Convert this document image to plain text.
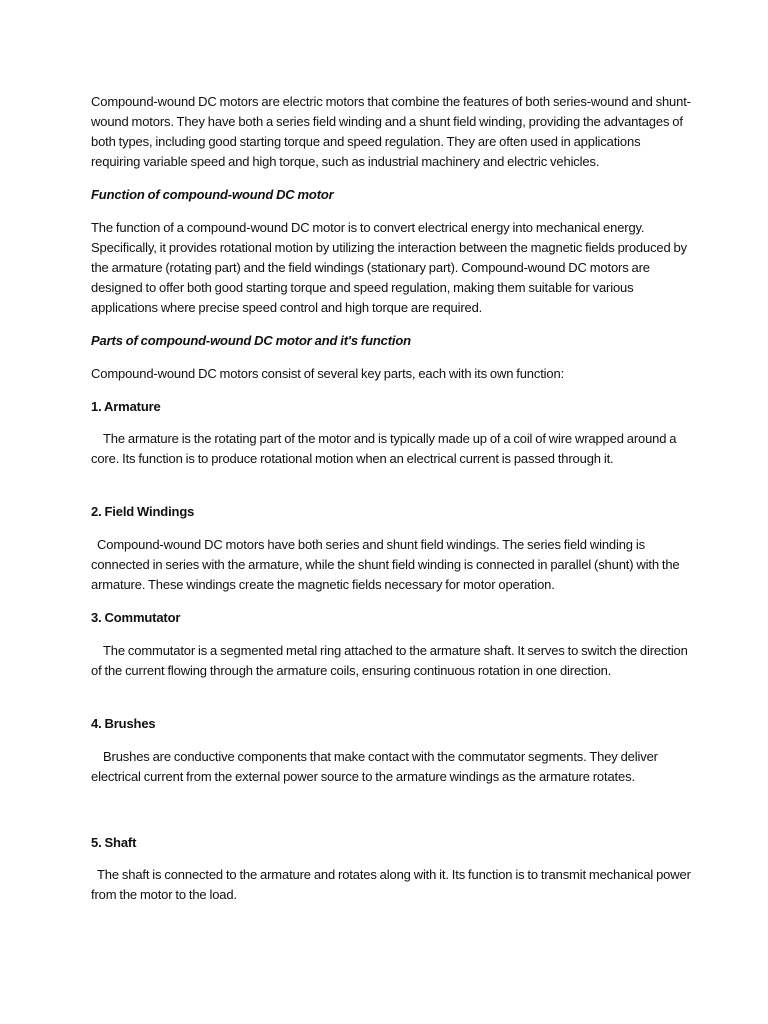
Compound-wound DC motors are electric motors that combine the features of both series-wound and shunt-wound motors. They have both a series field winding and a shunt field winding, providing the advantages of both types, including good starting torque and speed regulation. They are often used in applications requiring variable speed and high torque, such as industrial machinery and electric vehicles.

Function of compound-wound DC motor

The function of a compound-wound DC motor is to convert electrical energy into mechanical energy. Specifically, it provides rotational motion by utilizing the interaction between the magnetic fields produced by the armature (rotating part) and the field windings (stationary part). Compound-wound DC motors are designed to offer both good starting torque and speed regulation, making them suitable for various applications where precise speed control and high torque are required.

Parts of compound-wound DC motor and it's function

Compound-wound DC motors consist of several key parts, each with its own function:

1. Armature

The armature is the rotating part of the motor and is typically made up of a coil of wire wrapped around a core. Its function is to produce rotational motion when an electrical current is passed through it.

2. Field Windings

Compound-wound DC motors have both series and shunt field windings. The series field winding is connected in series with the armature, while the shunt field winding is connected in parallel (shunt) with the armature. These windings create the magnetic fields necessary for motor operation.

3. Commutator

The commutator is a segmented metal ring attached to the armature shaft. It serves to switch the direction of the current flowing through the armature coils, ensuring continuous rotation in one direction.

4. Brushes

Brushes are conductive components that make contact with the commutator segments. They deliver electrical current from the external power source to the armature windings as the armature rotates.

5. Shaft

The shaft is connected to the armature and rotates along with it. Its function is to transmit mechanical power from the motor to the load.
